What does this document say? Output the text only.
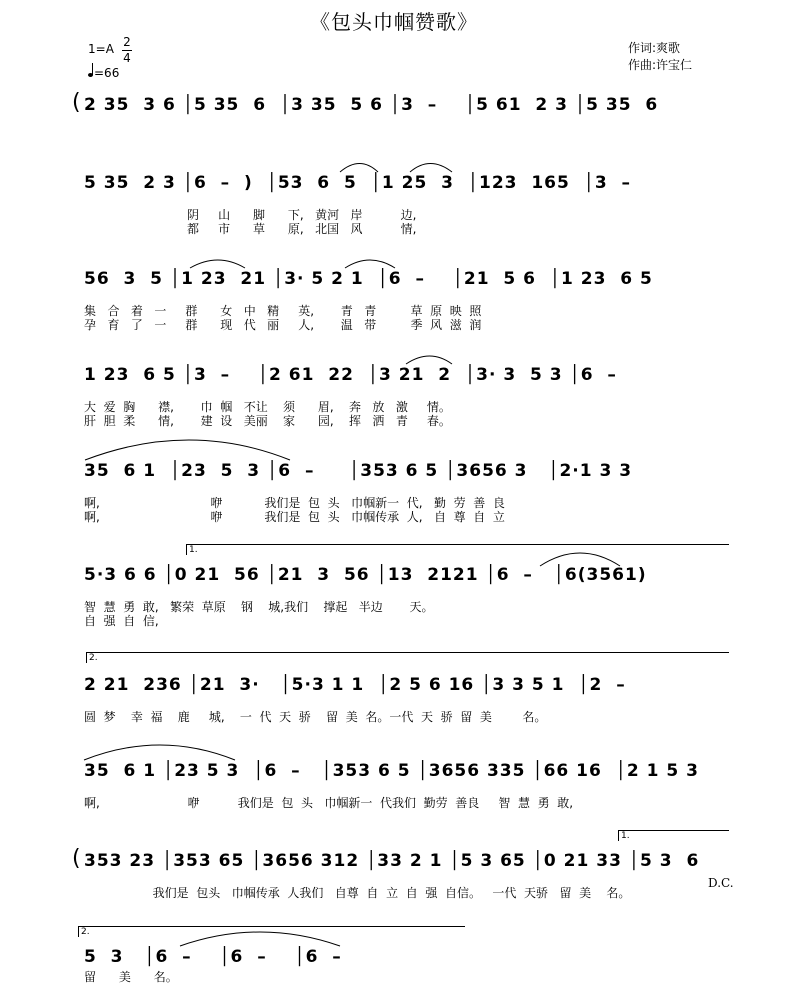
《包头巾帼赞歌》
1=A 2
4
=66
作词:爽歌
作曲:许宝仁
( 2 35  3 6 │5 35  6  │3 35  5 6 │3  –    │5 61  2 3 │5 35  6
5 35  2 3 │6  –  )  │53  6  5  │1 25  3  │123  165  │3  –
阴     山      脚      下,   黄河   岸          边,
都     市      草      原,   北国   风          情,
56  3  5 │1 23  21 │3· 5 2 1  │6  –    │21  5 6  │1 23  6 5
集   合   着   一     群      女   中   精     英,       青   青         草  原  映  照
孕   育   了   一     群      现   代   丽     人,       温   带         季  风  滋  润
1 23  6 5 │3  –    │2 61  22  │3 21  2  │3· 3  5 3 │6  –
大  爱  胸      襟,       巾  帼   不让    须      眉,    奔   放   激     情。
肝  胆  柔      情,       建  设   美丽    家      园,    挥   洒   青     春。
35  6 1  │23  5  3 │6  –     │353 6 5 │3656 3   │2·1 3 3
啊,                             咿           我们是  包  头   巾帼新一  代,   勤  劳  善  良
啊,                             咿           我们是  包  头   巾帼传承  人,   自  尊  自  立
1.
5·3 6 6 │0 21  56 │21  3  56 │13  2121 │6  –   │6(3561)
智  慧  勇  敢,   繁荣  草原    钢    城,我们    撑起   半边       天。
自  强  自  信,
2.
2 21  236 │21  3·   │5·3 1 1  │2 5 6 16 │3 3 5 1  │2  –
圆  梦    幸  福    鹿     城,    一  代  天  骄    留  美  名。一代  天  骄  留  美        名。
35  6 1 │23 5 3  │6  –   │353 6 5 │3656 335 │66 16  │2 1 5 3
啊,                       咿          我们是  包  头   巾帼新一  代我们  勤劳  善良     智  慧  勇  敢,
(
1.
353 23 │353 65 │3656 312 │33 2 1 │5 3 65 │0 21 33 │5 3  6
我们是  包头   巾帼传承  人我们   自尊  自  立  自  强  自信。   一代  天骄   留  美    名。
D.C.
2.
5  3   │6  –    │6  –    │6  –
留      美      名。
